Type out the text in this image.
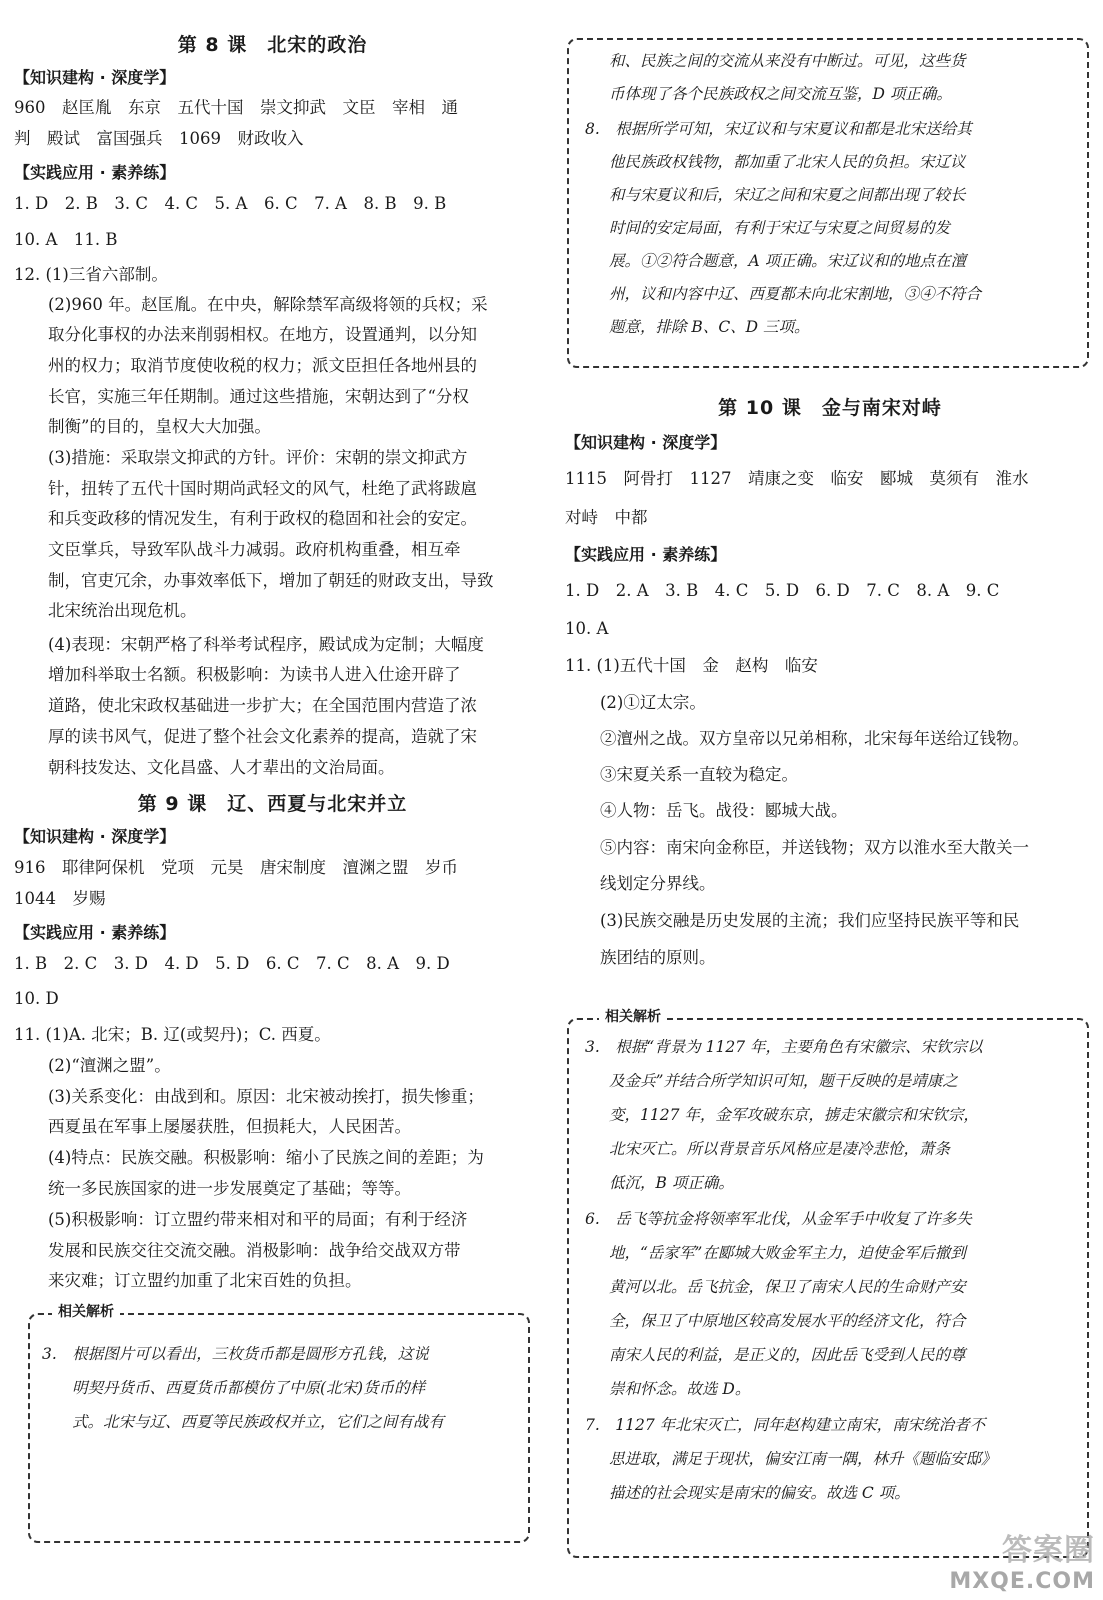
第 8 课　北宋的政治
【知识建构 · 深度学】
960　赵匡胤　东京　五代十国　崇文抑武　文臣　宰相　通
判　殿试　富国强兵　1069　财政收入
【实践应用 · 素养练】
1. D　2. B　3. C　4. C　5. A　6. C　7. A　8. B　9. B
10. A　11. B
12. (1)三省六部制。
(2)960 年。赵匡胤。在中央，解除禁军高级将领的兵权；采
取分化事权的办法来削弱相权。在地方，设置通判，以分知
州的权力；取消节度使收税的权力；派文臣担任各地州县的
长官，实施三年任期制。通过这些措施，宋朝达到了“分权
制衡”的目的，皇权大大加强。
(3)措施：采取崇文抑武的方针。评价：宋朝的崇文抑武方
针，扭转了五代十国时期尚武轻文的风气，杜绝了武将跋扈
和兵变政移的情况发生，有利于政权的稳固和社会的安定。
文臣掌兵，导致军队战斗力减弱。政府机构重叠，相互牵
制，官吏冗余，办事效率低下，增加了朝廷的财政支出，导致
北宋统治出现危机。
(4)表现：宋朝严格了科举考试程序，殿试成为定制；大幅度
增加科举取士名额。积极影响：为读书人进入仕途开辟了
道路，使北宋政权基础进一步扩大；在全国范围内营造了浓
厚的读书风气，促进了整个社会文化素养的提高，造就了宋
朝科技发达、文化昌盛、人才辈出的文治局面。
第 9 课　辽、西夏与北宋并立
【知识建构 · 深度学】
916　耶律阿保机　党项　元昊　唐宋制度　澶渊之盟　岁币
1044　岁赐
【实践应用 · 素养练】
1. B　2. C　3. D　4. D　5. D　6. C　7. C　8. A　9. D
10. D
11. (1)A. 北宋；B. 辽(或契丹)；C. 西夏。
(2)“澶渊之盟”。
(3)关系变化：由战到和。原因：北宋被动挨打，损失惨重；
西夏虽在军事上屡屡获胜，但损耗大，人民困苦。
(4)特点：民族交融。积极影响：缩小了民族之间的差距；为
统一多民族国家的进一步发展奠定了基础；等等。
(5)积极影响：订立盟约带来相对和平的局面；有利于经济
发展和民族交往交流交融。消极影响：战争给交战双方带
来灾难；订立盟约加重了北宋百姓的负担。
相关解析
3.　根据图片可以看出，三枚货币都是圆形方孔钱，这说
明契丹货币、西夏货币都模仿了中原(北宋)货币的样
式。北宋与辽、西夏等民族政权并立，它们之间有战有
和、民族之间的交流从来没有中断过。可见，这些货
币体现了各个民族政权之间交流互鉴，D 项正确。
8.　根据所学可知，宋辽议和与宋夏议和都是北宋送给其
他民族政权钱物，都加重了北宋人民的负担。宋辽议
和与宋夏议和后，宋辽之间和宋夏之间都出现了较长
时间的安定局面，有利于宋辽与宋夏之间贸易的发
展。①②符合题意，A 项正确。宋辽议和的地点在澶
州，议和内容中辽、西夏都未向北宋割地，③④不符合
题意，排除 B、C、D 三项。
第 10 课　金与南宋对峙
【知识建构 · 深度学】
1115　阿骨打　1127　靖康之变　临安　郾城　莫须有　淮水
对峙　中都
【实践应用 · 素养练】
1. D　2. A　3. B　4. C　5. D　6. D　7. C　8. A　9. C
10. A
11. (1)五代十国　金　赵构　临安
(2)①辽太宗。
②澶州之战。双方皇帝以兄弟相称，北宋每年送给辽钱物。
③宋夏关系一直较为稳定。
④人物：岳飞。战役：郾城大战。
⑤内容：南宋向金称臣，并送钱物；双方以淮水至大散关一
线划定分界线。
(3)民族交融是历史发展的主流；我们应坚持民族平等和民
族团结的原则。
相关解析
3.　根据“背景为 1127 年，主要角色有宋徽宗、宋钦宗以
及金兵”并结合所学知识可知，题干反映的是靖康之
变，1127 年，金军攻破东京，掳走宋徽宗和宋钦宗，
北宋灭亡。所以背景音乐风格应是凄冷悲怆，萧条
低沉，B 项正确。
6.　岳飞等抗金将领率军北伐，从金军手中收复了许多失
地，“岳家军”在郾城大败金军主力，迫使金军后撤到
黄河以北。岳飞抗金，保卫了南宋人民的生命财产安
全，保卫了中原地区较高发展水平的经济文化，符合
南宋人民的利益，是正义的，因此岳飞受到人民的尊
崇和怀念。故选 D。
7.　1127 年北宋灭亡，同年赵构建立南宋，南宋统治者不
思进取，满足于现状，偏安江南一隅，林升《题临安邸》
描述的社会现实是南宋的偏安。故选 C 项。
答案圈
MXQE.COM
